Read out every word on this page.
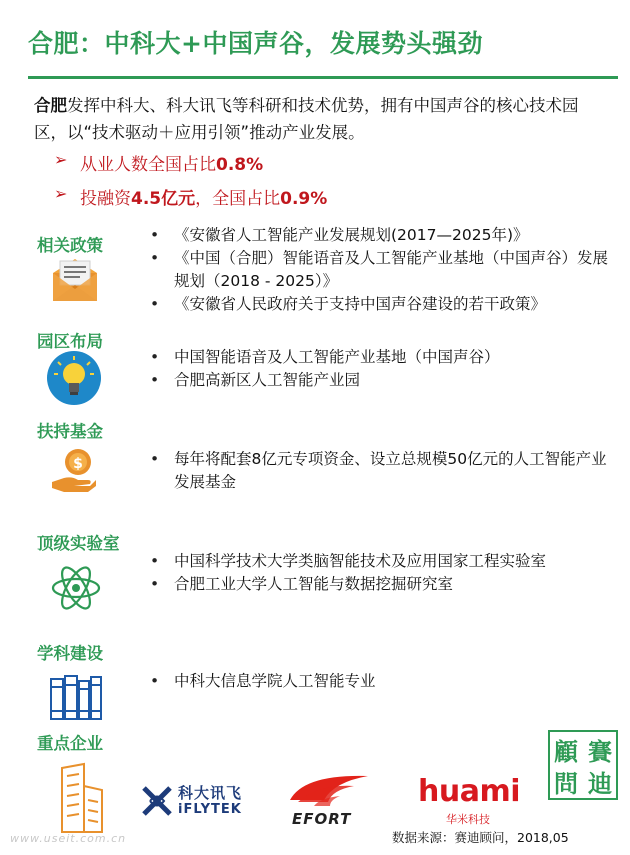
合肥：中科大+中国声谷，发展势头强劲
合肥发挥中科大、科大讯飞等科研和技术优势，拥有中国声谷的核心技术园区，以“技术驱动＋应用引领”推动产业发展。
➢ 从业人数全国占比0.8%
➢ 投融资4.5亿元，全国占比0.9%
相关政策
• 《安徽省人工智能产业发展规划(2017—2025年)》
• 《中国（合肥）智能语音及人工智能产业基地（中国声谷）发展规划（2018 - 2025）》
• 《安徽省人民政府关于支持中国声谷建设的若干政策》
园区布局
• 中国智能语音及人工智能产业基地（中国声谷）
• 合肥高新区人工智能产业园
扶持基金
$
•	每年将配套8亿元专项资金、设立总规模50亿元的人工智能产业发展基金
顶级实验室
• 中国科学技术大学类脑智能技术及应用国家工程实验室
• 合肥工业大学人工智能与数据挖掘研究室
学科建设
• 中科大信息学院人工智能专业
重点企业
科大讯飞
iFLYTEK
EFORT
huami
华米科技
顧 賽
問 迪
www.useit.com.cn	数据来源：赛迪顾问，2018,05
